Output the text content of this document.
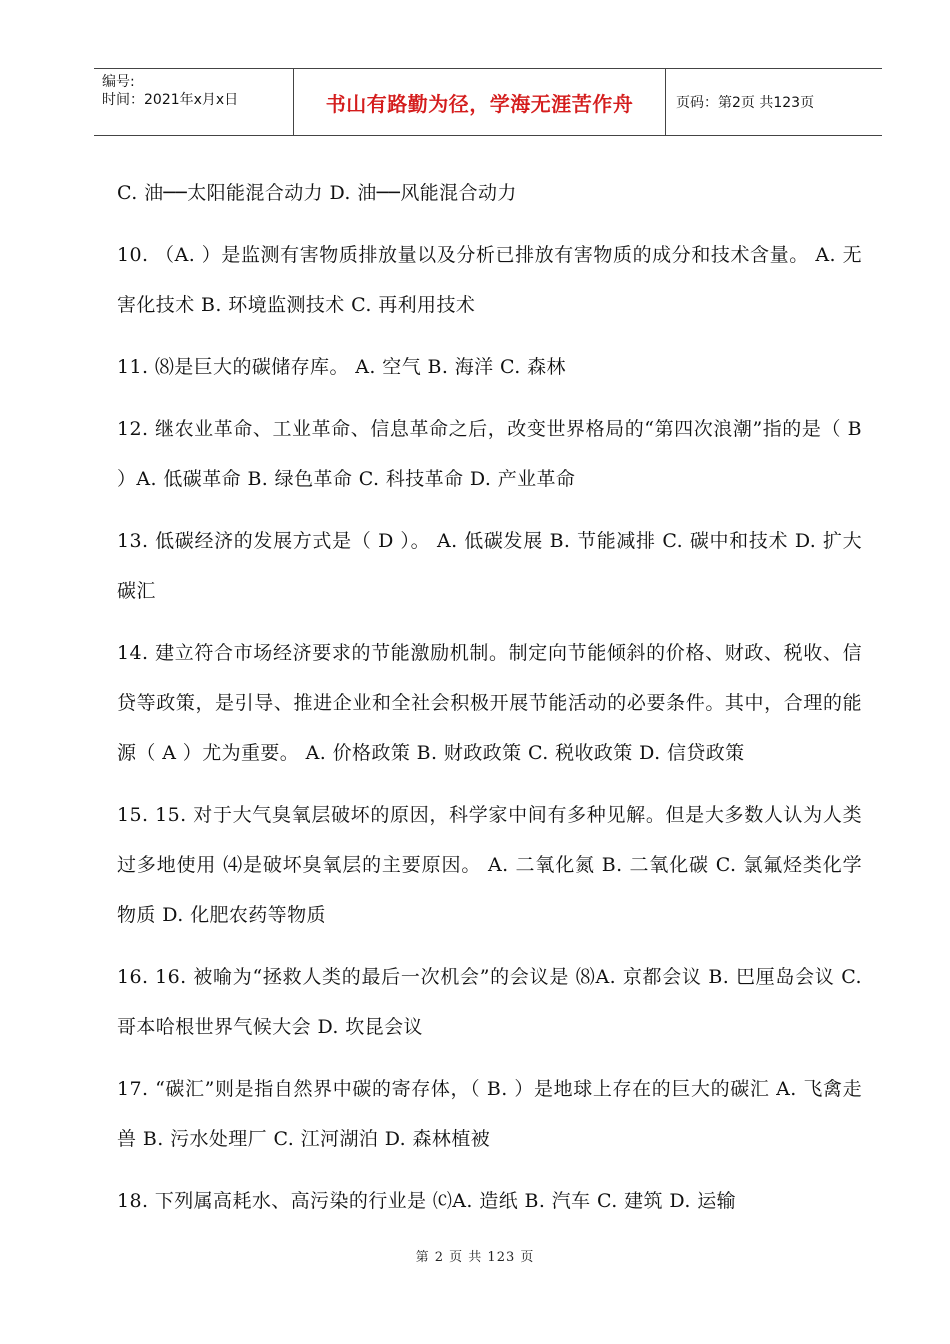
编号:
时间：2021年x月x日	书山有路勤为径，学海无涯苦作舟	页码：第2页 共123页

C. 油──太阳能混合动力 D. 油──风能混合动力

10. （A. ）是监测有害物质排放量以及分析已排放有害物质的成分和技术含量。 A. 无害化技术 B. 环境监测技术 C. 再利用技术

11. ⑻是巨大的碳储存库。 A. 空气 B. 海洋 C. 森林

12. 继农业革命、工业革命、信息革命之后，改变世界格局的“第四次浪潮”指的是（ B ）A. 低碳革命 B. 绿色革命 C. 科技革命 D. 产业革命

13. 低碳经济的发展方式是（ D ）。 A. 低碳发展 B. 节能减排 C. 碳中和技术 D. 扩大碳汇

14. 建立符合市场经济要求的节能激励机制。制定向节能倾斜的价格、财政、税收、信贷等政策，是引导、推进企业和全社会积极开展节能活动的必要条件。其中，合理的能源（ A ）尤为重要。 A. 价格政策 B. 财政政策 C. 税收政策 D. 信贷政策

15. 15. 对于大气臭氧层破坏的原因，科学家中间有多种见解。但是大多数人认为人类过多地使用 ⑷是破坏臭氧层的主要原因。 A. 二氧化氮 B. 二氧化碳 C. 氯氟烃类化学物质 D. 化肥农药等物质

16. 16. 被喻为“拯救人类的最后一次机会”的会议是 ⑻A. 京都会议 B. 巴厘岛会议 C. 哥本哈根世界气候大会 D. 坎昆会议

17. “碳汇”则是指自然界中碳的寄存体，（ B. ）是地球上存在的巨大的碳汇 A. 飞禽走兽 B. 污水处理厂 C. 江河湖泊 D. 森林植被

18. 下列属高耗水、高污染的行业是 ⒞A. 造纸 B. 汽车 C. 建筑 D. 运输

第 2 页 共 123 页
